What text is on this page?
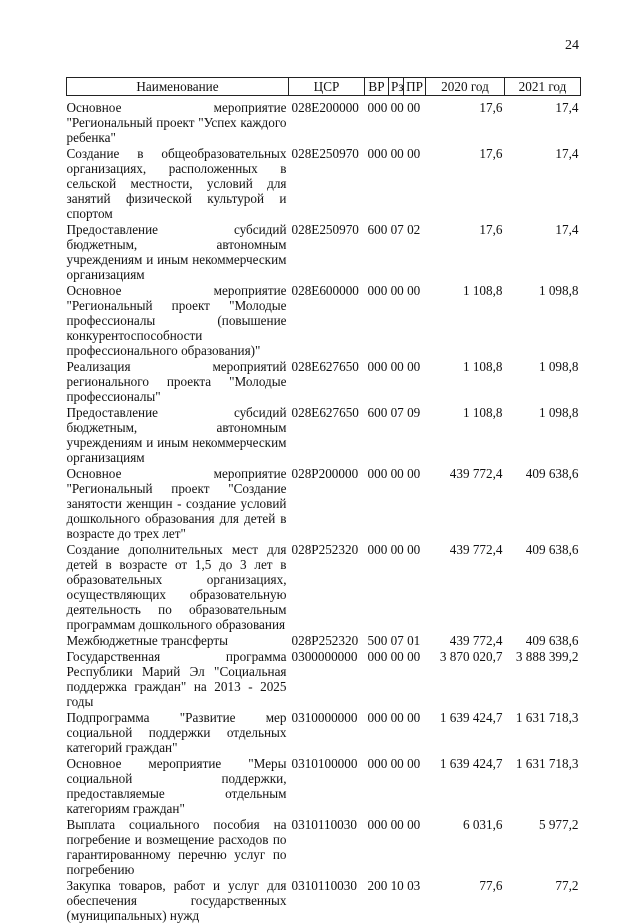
24
Наименование	ЦСР	ВР	Рз	ПР	2020 год	2021 год
Основное мероприятие "Региональный проект "Успех каждого ребенка"	028E200000	000 00 00			17,6	17,4
Создание в общеобразовательных организациях, расположенных в сельской местности, условий для занятий физической культурой и спортом	028E250970	000 00 00			17,6	17,4
Предоставление субсидий бюджетным, автономным учреждениям и иным некоммерческим организациям	028E250970	600 07 02			17,6	17,4
Основное мероприятие "Региональный проект "Молодые профессионалы (повышение конкурентоспособности профессионального образования)"	028E600000	000 00 00			1 108,8	1 098,8
Реализация мероприятий регионального проекта "Молодые профессионалы"	028E627650	000 00 00			1 108,8	1 098,8
Предоставление субсидий бюджетным, автономным учреждениям и иным некоммерческим организациям	028E627650	600 07 09			1 108,8	1 098,8
Основное мероприятие "Региональный проект "Создание занятости женщин - создание условий дошкольного образования для детей в возрасте до трех лет"	028P200000	000 00 00			439 772,4	409 638,6
Создание дополнительных мест для детей в возрасте от 1,5 до 3 лет в образовательных организациях, осуществляющих образовательную деятельность по образовательным программам дошкольного образования	028P252320	000 00 00			439 772,4	409 638,6
Межбюджетные трансферты	028P252320	500 07 01			439 772,4	409 638,6
Государственная программа Республики Марий Эл "Социальная поддержка граждан" на 2013 - 2025 годы	0300000000	000 00 00			3 870 020,7	3 888 399,2
Подпрограмма "Развитие мер социальной поддержки отдельных категорий граждан"	0310000000	000 00 00			1 639 424,7	1 631 718,3
Основное мероприятие "Меры социальной поддержки, предоставляемые отдельным категориям граждан"	0310100000	000 00 00			1 639 424,7	1 631 718,3
Выплата социального пособия на погребение и возмещение расходов по гарантированному перечню услуг по погребению	0310110030	000 00 00			6 031,6	5 977,2
Закупка товаров, работ и услуг для обеспечения государственных (муниципальных) нужд	0310110030	200 10 03			77,6	77,2
